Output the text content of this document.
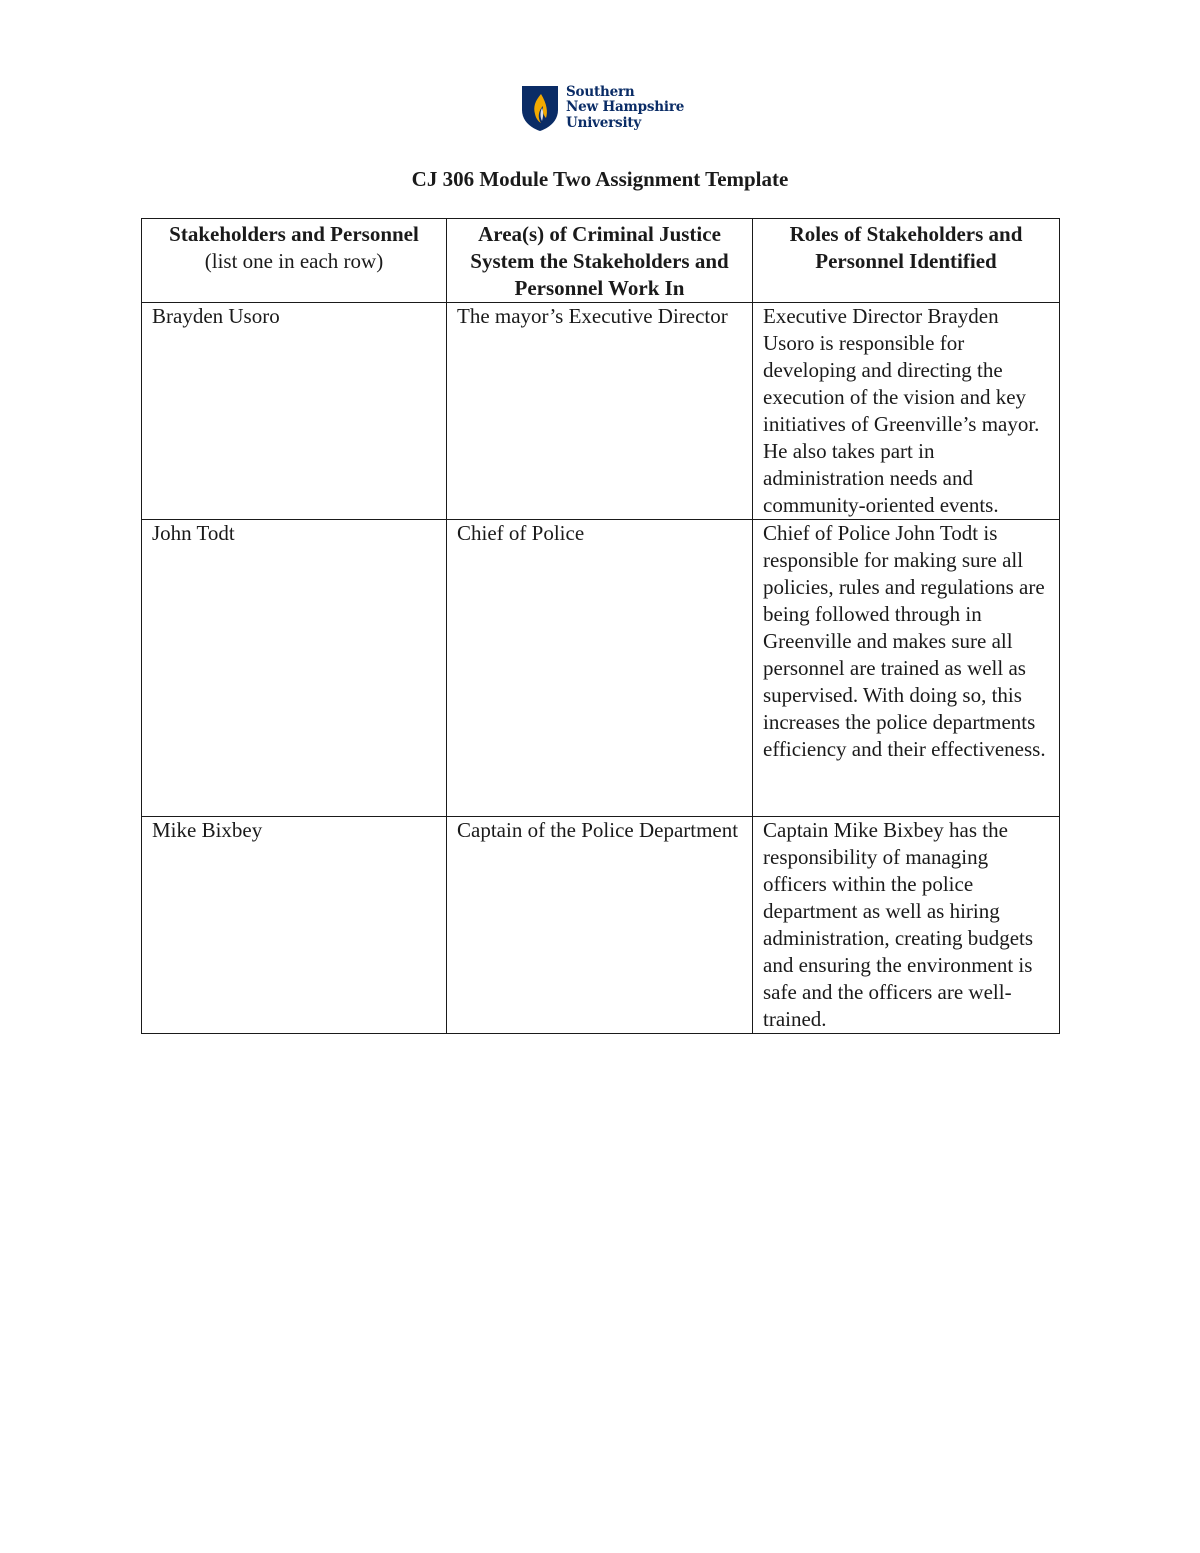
Southern
New Hampshire
University
CJ 306 Module Two Assignment Template
Stakeholders and Personnel
(list one in each row)	Area(s) of Criminal Justice System the Stakeholders and Personnel Work In	Roles of Stakeholders and Personnel Identified

Brayden Usoro	The mayor’s Executive Director	Executive Director Brayden Usoro is responsible for developing and directing the execution of the vision and key initiatives of Greenville’s mayor. He also takes part in administration needs and community-oriented events.
John Todt	Chief of Police	Chief of Police John Todt is responsible for making sure all policies, rules and regulations are being followed through in Greenville and makes sure all personnel are trained as well as supervised. With doing so, this increases the police departments efficiency and their effectiveness.
Mike Bixbey	Captain of the Police Department	Captain Mike Bixbey has the responsibility of managing officers within the police department as well as hiring administration, creating budgets and ensuring the environment is safe and the officers are well-trained.
